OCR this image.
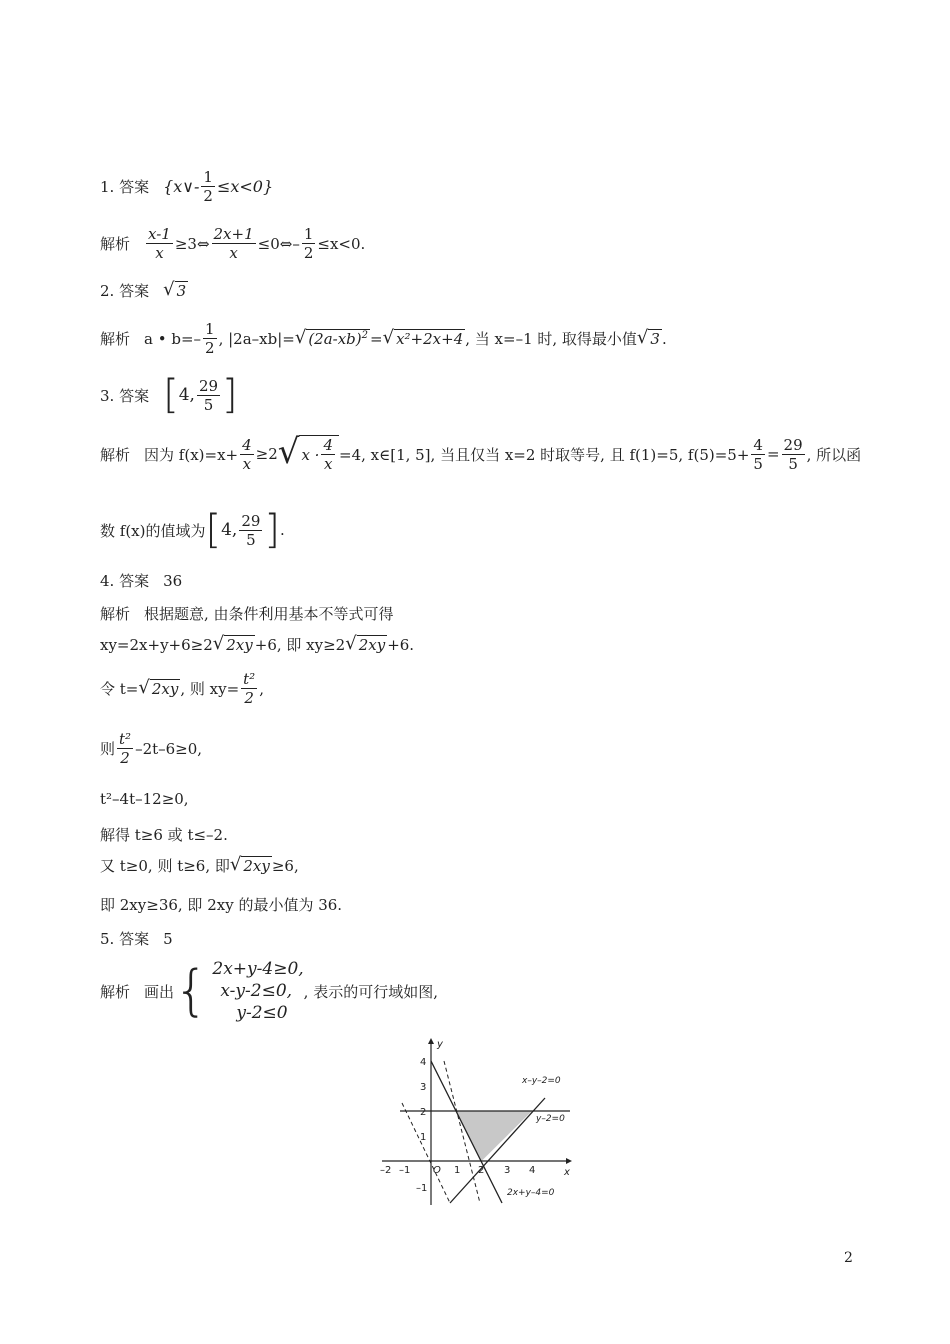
1. 答案 {x∨- $\frac{1}{2} \le x<0$}
解析 $\frac{x-1}{x}$ ≥3⇔ $\frac{2x+1}{x}$ ≤0⇔– $\frac{1}{2} \le x<0$.
2. 答案 √ 3
解析 a • $b=- \frac{1}{2}$ , |2a–xb|= √ $(2a-xb)^2$ = √ x²+2x+4 , 当 x=–1 时, 取得最小值 √ 3 .
3. 答案 [ 4, $\frac{29}{5}$ ]
解析 因为 $f(x)=x+ \frac{4}{x} \ge 2$ √ $x \cdot \frac{4}{x} =4$, x∈[1, 5], 当且仅当 x=2 时取等号, 且 f(1)=5, $f(5)=5+ \frac{4}{5} = \frac{29}{5}$ , 所以函
数 f(x)的值域为 [ 4, $\frac{29}{5}$ ] .
4. 答案 36
解析 根据题意, 由条件利用基本不等式可得
xy=2x+y+6≥2 √ 2xy +6, 即 xy≥2 √ 2xy +6.
令 t= √ 2xy , 则 $xy= \frac{\text{t²}}{2}$ ,
则 $\frac{\text{t²}}{2} -2t-6\ge 0$,
t²–4t–12≥0,
解得 t≥6 或 t≤–2.
又 t≥0, 则 t≥6, 即 √ 2xy ≥6,
即 2xy≥36, 即 2xy 的最小值为 36.
5. 答案 5
解析 画出 { 2x+y-4≥0,
x-y-2≤0,
y-2≤0
, 表示的可行域如图,
y
x
O
–2 –1	1 2 3 4
4
3
2
1
–1
x–y–2=0
y–2=0
2x+y–4=0
2
